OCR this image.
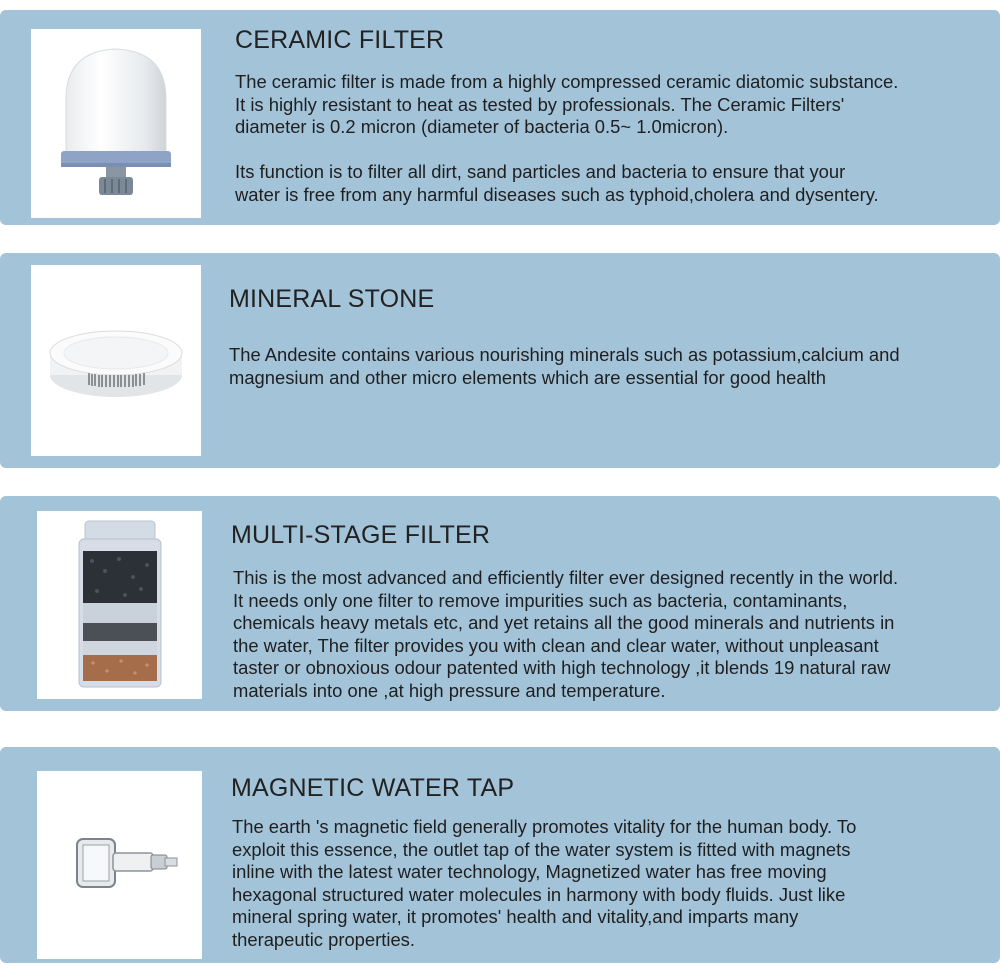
CERAMIC FILTER
The ceramic filter is made from a highly compressed ceramic diatomic substance.
It is highly resistant to heat as tested by professionals. The Ceramic Filters'
diameter is 0.2 micron (diameter of bacteria 0.5~ 1.0micron).

Its function is to filter all dirt, sand particles and bacteria to ensure that your
water is free from any harmful diseases such as typhoid,cholera and dysentery.
MINERAL STONE
The Andesite contains various nourishing minerals such as potassium,calcium and
magnesium and other micro elements which are essential for good health
MULTI-STAGE FILTER
This is the most advanced and efficiently filter ever designed recently in the world.
It needs only one filter to remove impurities such as bacteria, contaminants,
chemicals heavy metals etc, and yet retains all the good minerals and nutrients in
the water, The filter provides you with clean and clear water, without unpleasant
taster or obnoxious odour patented with high technology ,it blends 19 natural raw
materials into one ,at high pressure and temperature.
MAGNETIC WATER TAP
The earth 's magnetic field generally promotes vitality for the human body. To
exploit this essence, the outlet tap of the water system is fitted with magnets
inline with the latest water technology, Magnetized water has free moving
hexagonal structured water molecules in harmony with body fluids. Just like
mineral spring water, it promotes' health and vitality,and imparts many
therapeutic properties.
